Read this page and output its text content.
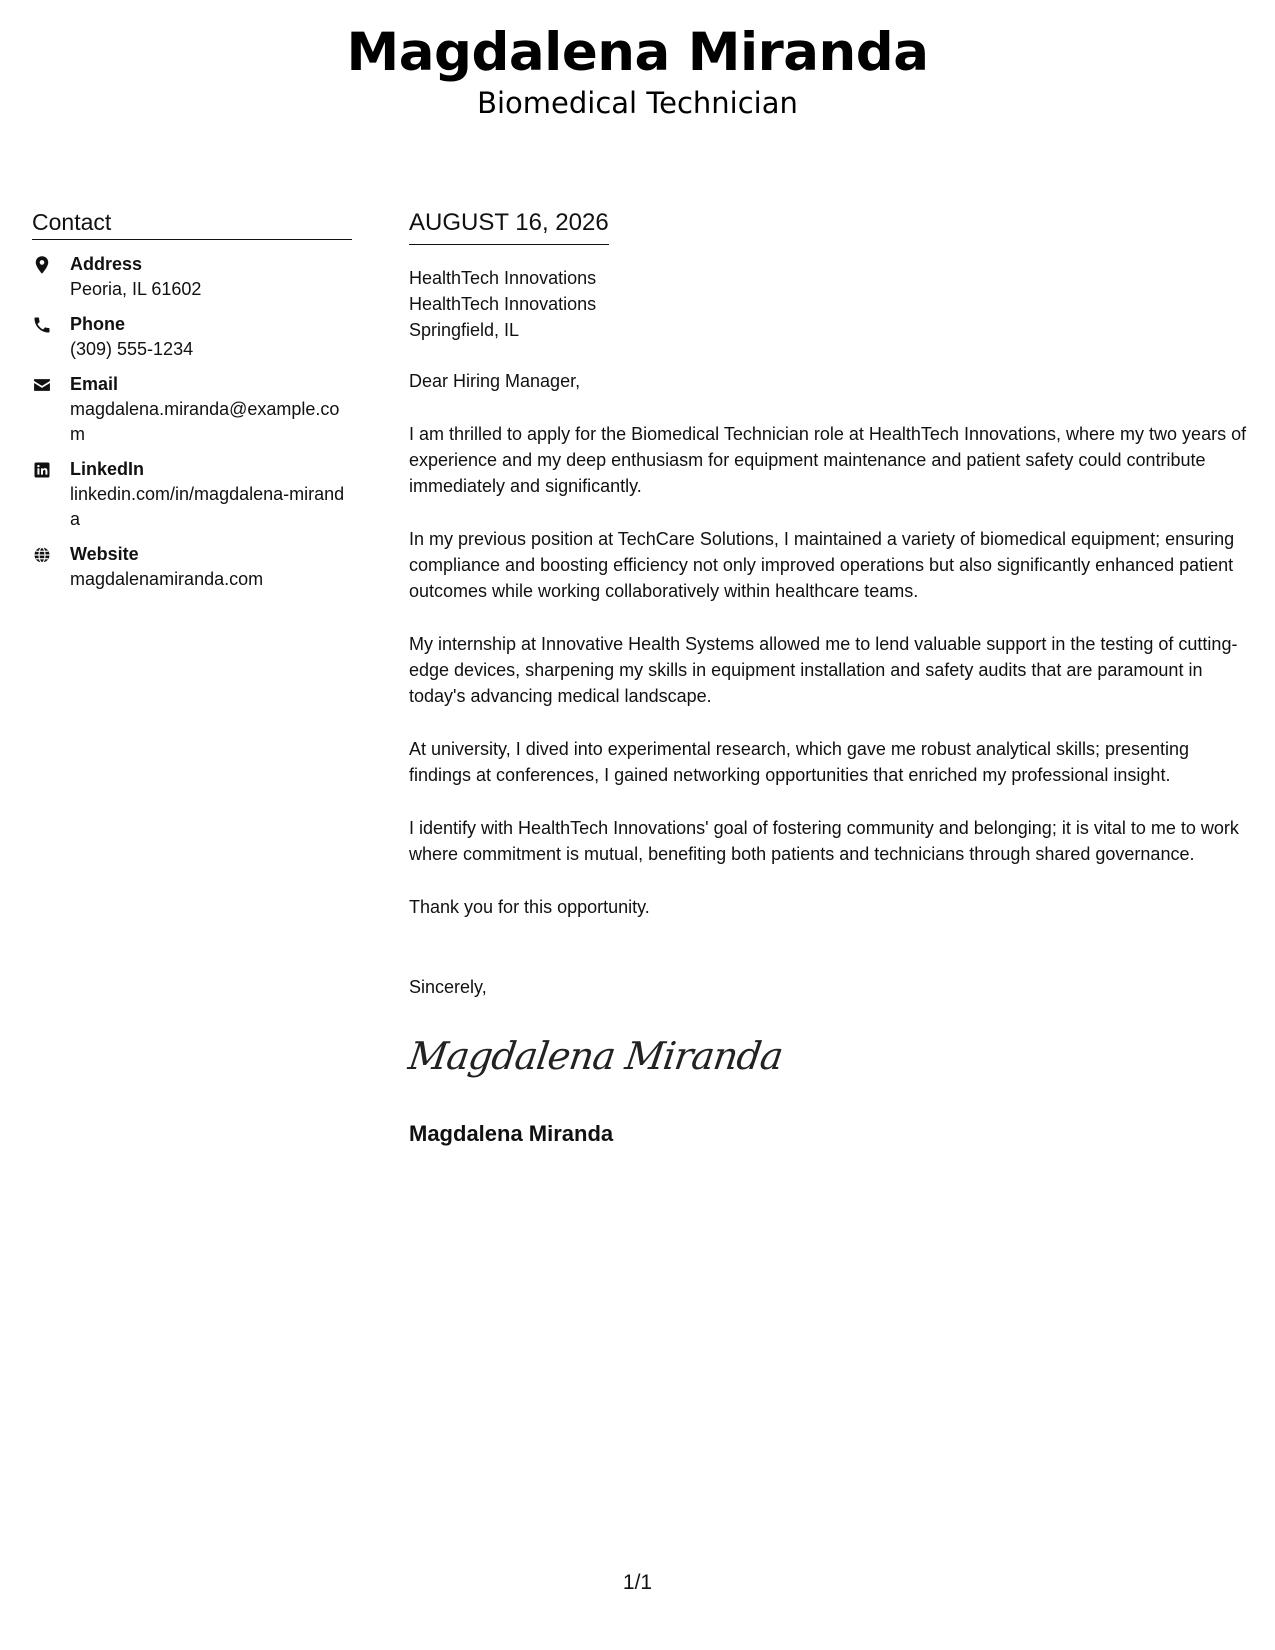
Magdalena Miranda
Biomedical Technician
Contact
Address
Peoria, IL 61602
Phone
(309) 555-1234
Email
magdalena.miranda@example.com
LinkedIn
linkedin.com/in/magdalena-miranda
Website
magdalenamiranda.com
AUGUST 16, 2026
HealthTech Innovations
HealthTech Innovations
Springfield, IL

Dear Hiring Manager,

I am thrilled to apply for the Biomedical Technician role at HealthTech Innovations, where my two years of experience and my deep enthusiasm for equipment maintenance and patient safety could contribute immediately and significantly.

In my previous position at TechCare Solutions, I maintained a variety of biomedical equipment; ensuring compliance and boosting efficiency not only improved operations but also significantly enhanced patient outcomes while working collaboratively within healthcare teams.

My internship at Innovative Health Systems allowed me to lend valuable support in the testing of cutting-edge devices, sharpening my skills in equipment installation and safety audits that are paramount in today's advancing medical landscape.

At university, I dived into experimental research, which gave me robust analytical skills; presenting findings at conferences, I gained networking opportunities that enriched my professional insight.

I identify with HealthTech Innovations' goal of fostering community and belonging; it is vital to me to work where commitment is mutual, benefiting both patients and technicians through shared governance.

Thank you for this opportunity.

Sincerely,
Magdalena Miranda
Magdalena Miranda
1/1
